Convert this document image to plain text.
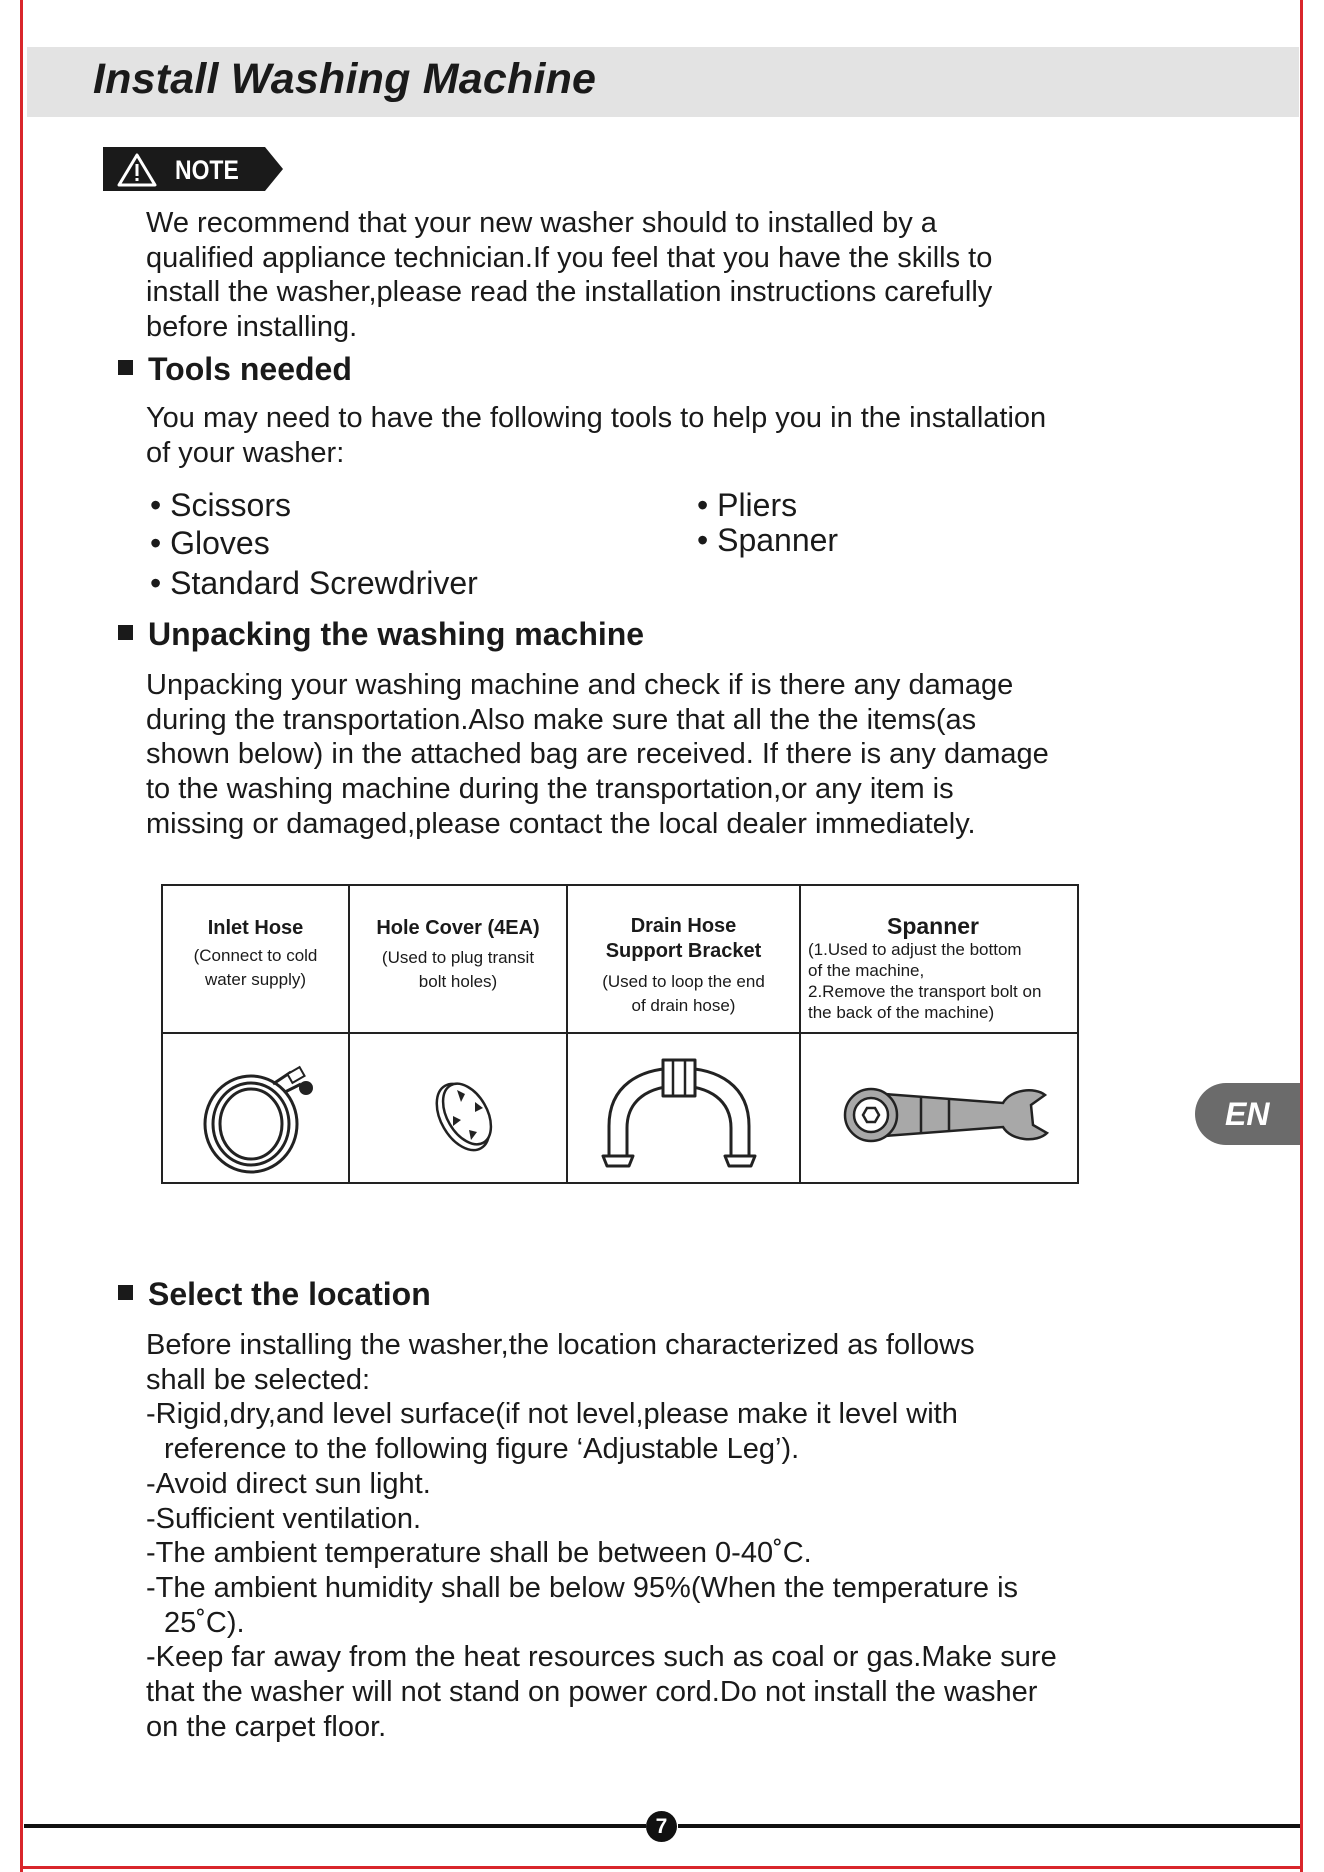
Install Washing Machine
NOTE
We recommend that your new washer should to installed by a
qualified appliance technician.If you feel that you have the skills to
install the washer,please read the installation instructions carefully
before installing.
Tools needed
You may need to have the following tools to help you in the installation
of your washer:
• Scissors
• Gloves
• Standard Screwdriver
• Pliers
• Spanner
Unpacking the washing machine
Unpacking your washing machine and check if is there any damage
during the transportation.Also make sure that all the the items(as
shown below) in the attached bag are received. If there is any damage
to the washing machine during the transportation,or any item is
missing or damaged,please contact the local dealer immediately.
Inlet Hose
(Connect to cold
water supply)
Hole Cover (4EA)
(Used to plug transit
bolt holes)
Drain Hose
Support Bracket
(Used to loop the end
of drain hose)
Spanner
(1.Used to adjust the bottom
of the machine,
2.Remove the transport bolt on
the back of the machine)
Select the location
Before installing the washer,the location characterized as follows
shall be selected:
-Rigid,dry,and level surface(if not level,please make it level with
reference to the following figure ‘Adjustable Leg’).
-Avoid direct sun light.
-Sufficient ventilation.
-The ambient temperature shall be between 0-40˚C.
-The ambient humidity shall be below 95%(When the temperature is
25˚C).
-Keep far away from the heat resources such as coal or gas.Make sure
that the washer will not stand on power cord.Do not install the washer
on the carpet floor.
EN
7
